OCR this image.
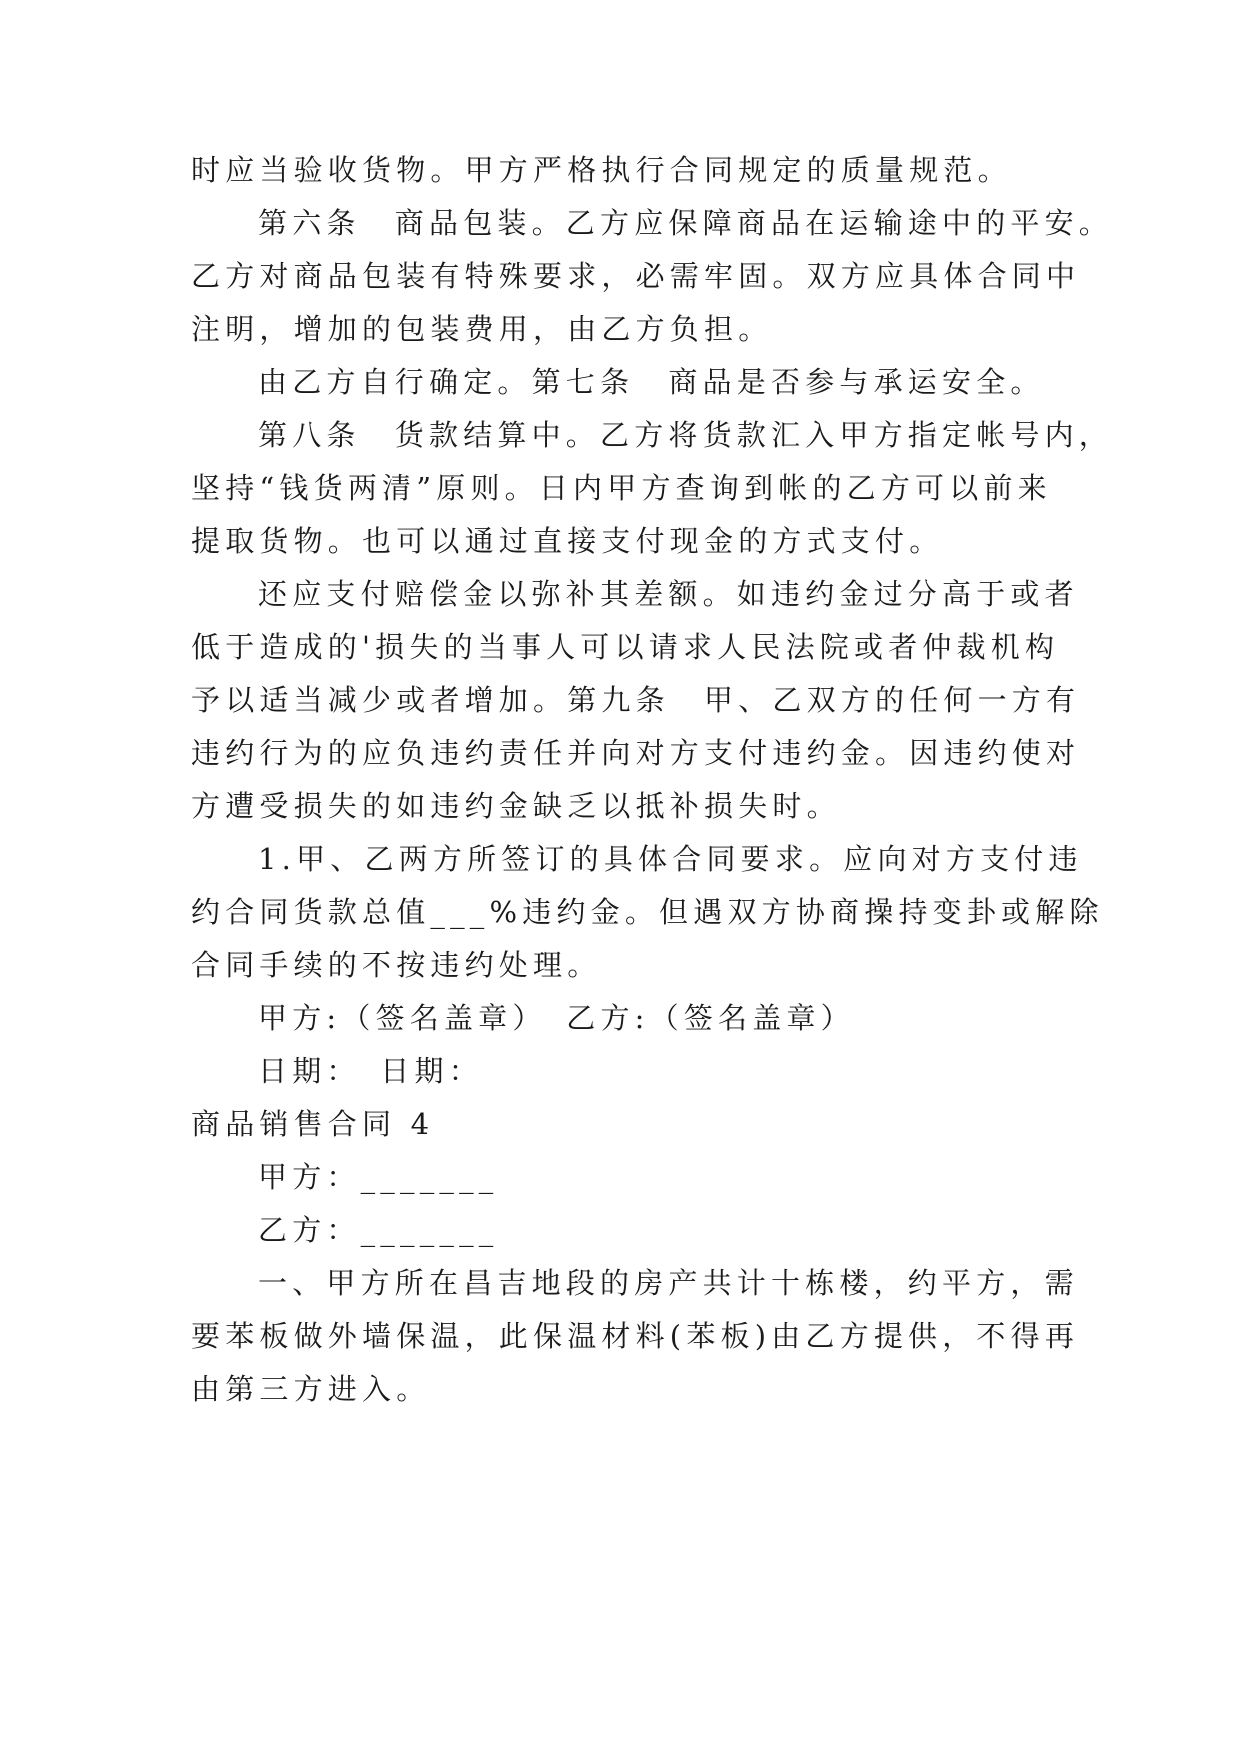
时应当验收货物。甲方严格执行合同规定的质量规范。
第六条　商品包装。乙方应保障商品在运输途中的平安。
乙方对商品包装有特殊要求，必需牢固。双方应具体合同中
注明，增加的包装费用，由乙方负担。
由乙方自行确定。第七条　商品是否参与承运安全。
第八条　货款结算中。乙方将货款汇入甲方指定帐号内，
坚持“钱货两清”原则。日内甲方查询到帐的乙方可以前来
提取货物。也可以通过直接支付现金的方式支付。
还应支付赔偿金以弥补其差额。如违约金过分高于或者
低于造成的'损失的当事人可以请求人民法院或者仲裁机构
予以适当减少或者增加。第九条　甲、乙双方的任何一方有
违约行为的应负违约责任并向对方支付违约金。因违约使对
方遭受损失的如违约金缺乏以抵补损失时。
1.甲、乙两方所签订的具体合同要求。应向对方支付违
约合同货款总值___%违约金。但遇双方协商操持变卦或解除
合同手续的不按违约处理。
甲方:（签名盖章）　乙方:（签名盖章）
日期：　日期：
商品销售合同 4
甲方：_______
乙方：_______
一、甲方所在昌吉地段的房产共计十栋楼，约平方，需
要苯板做外墙保温，此保温材料(苯板)由乙方提供，不得再
由第三方进入。
